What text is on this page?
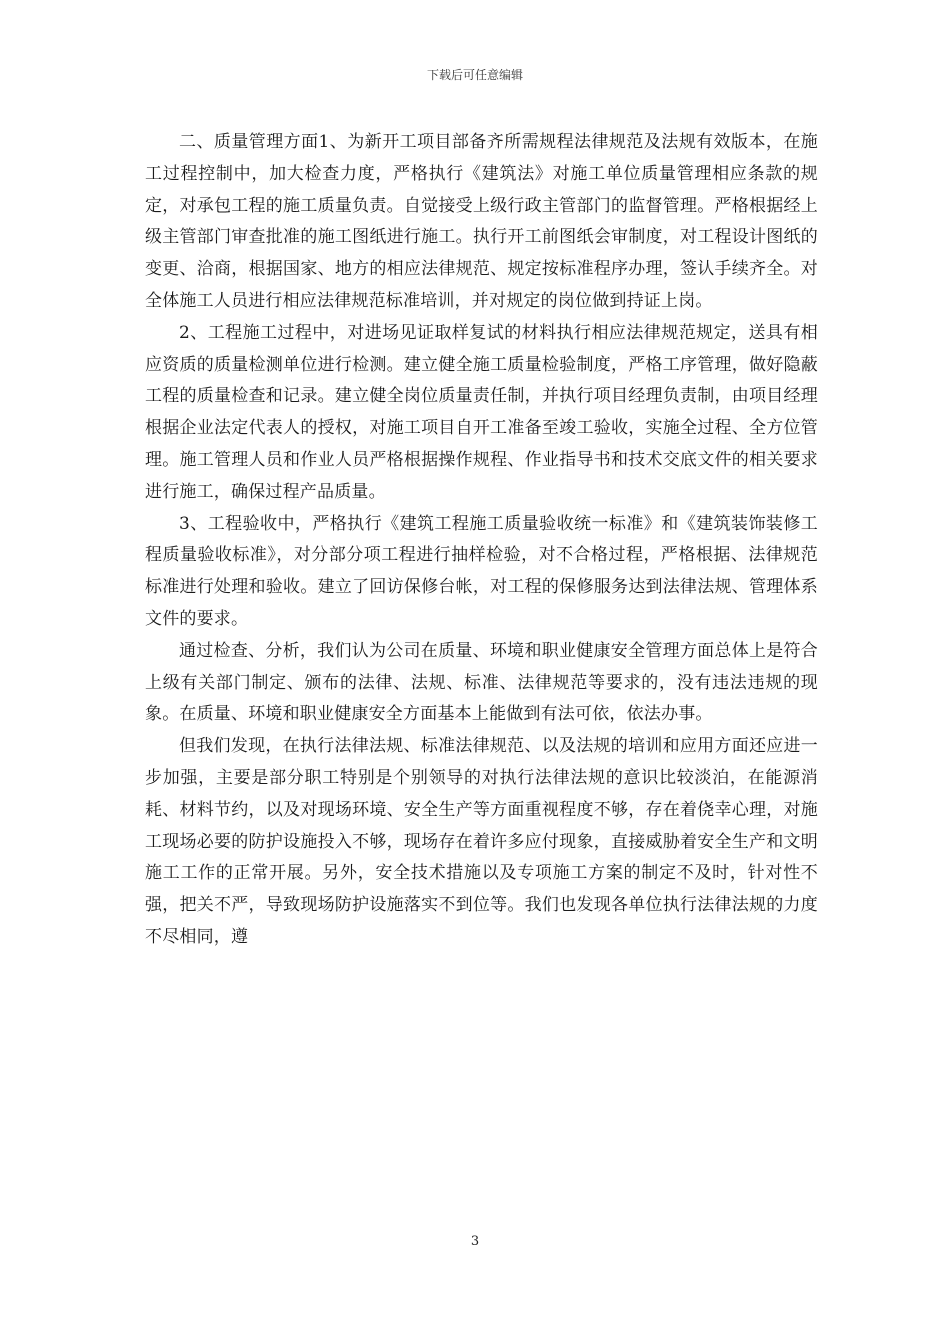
下载后可任意编辑

二、质量管理方面1、为新开工项目部备齐所需规程法律规范及法规有效版本，在施工过程控制中，加大检查力度，严格执行《建筑法》对施工单位质量管理相应条款的规定，对承包工程的施工质量负责。自觉接受上级行政主管部门的监督管理。严格根据经上级主管部门审查批准的施工图纸进行施工。执行开工前图纸会审制度，对工程设计图纸的变更、洽商，根据国家、地方的相应法律规范、规定按标准程序办理，签认手续齐全。对全体施工人员进行相应法律规范标准培训，并对规定的岗位做到持证上岗。

2、工程施工过程中，对进场见证取样复试的材料执行相应法律规范规定，送具有相应资质的质量检测单位进行检测。建立健全施工质量检验制度，严格工序管理，做好隐蔽工程的质量检查和记录。建立健全岗位质量责任制，并执行项目经理负责制，由项目经理根据企业法定代表人的授权，对施工项目自开工准备至竣工验收，实施全过程、全方位管理。施工管理人员和作业人员严格根据操作规程、作业指导书和技术交底文件的相关要求进行施工，确保过程产品质量。

3、工程验收中，严格执行《建筑工程施工质量验收统一标准》和《建筑装饰装修工程质量验收标准》，对分部分项工程进行抽样检验，对不合格过程，严格根据、法律规范标准进行处理和验收。建立了回访保修台帐，对工程的保修服务达到法律法规、管理体系文件的要求。

通过检查、分析，我们认为公司在质量、环境和职业健康安全管理方面总体上是符合上级有关部门制定、颁布的法律、法规、标准、法律规范等要求的，没有违法违规的现象。在质量、环境和职业健康安全方面基本上能做到有法可依，依法办事。

但我们发现，在执行法律法规、标准法律规范、以及法规的培训和应用方面还应进一步加强，主要是部分职工特别是个别领导的对执行法律法规的意识比较淡泊，在能源消耗、材料节约，以及对现场环境、安全生产等方面重视程度不够，存在着侥幸心理，对施工现场必要的防护设施投入不够，现场存在着许多应付现象，直接威胁着安全生产和文明施工工作的正常开展。另外，安全技术措施以及专项施工方案的制定不及时，针对性不强，把关不严，导致现场防护设施落实不到位等。我们也发现各单位执行法律法规的力度不尽相同，遵

3
